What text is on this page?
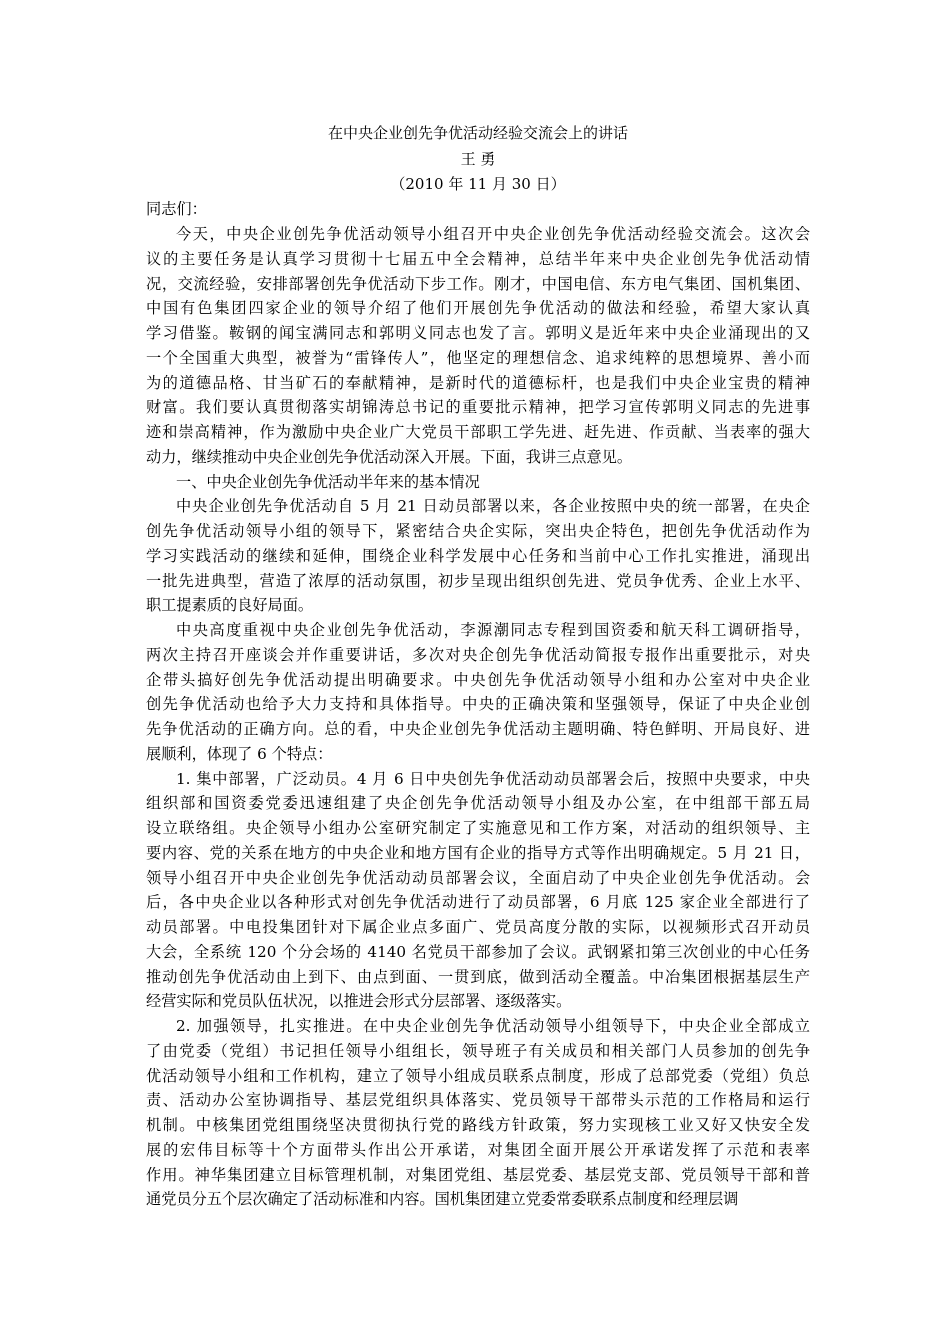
在中央企业创先争优活动经验交流会上的讲话
王 勇
（2010 年 11 月 30 日）
同志们：
今天，中央企业创先争优活动领导小组召开中央企业创先争优活动经验交流会。这次会
议的主要任务是认真学习贯彻十七届五中全会精神，总结半年来中央企业创先争优活动情
况，交流经验，安排部署创先争优活动下步工作。刚才，中国电信、东方电气集团、国机集团、
中国有色集团四家企业的领导介绍了他们开展创先争优活动的做法和经验，希望大家认真
学习借鉴。鞍钢的闻宝满同志和郭明义同志也发了言。郭明义是近年来中央企业涌现出的又
一个全国重大典型，被誉为“雷锋传人”，他坚定的理想信念、追求纯粹的思想境界、善小而
为的道德品格、甘当矿石的奉献精神，是新时代的道德标杆，也是我们中央企业宝贵的精神
财富。我们要认真贯彻落实胡锦涛总书记的重要批示精神，把学习宣传郭明义同志的先进事
迹和崇高精神，作为激励中央企业广大党员干部职工学先进、赶先进、作贡献、当表率的强大
动力，继续推动中央企业创先争优活动深入开展。下面，我讲三点意见。
一、中央企业创先争优活动半年来的基本情况
中央企业创先争优活动自 5 月 21 日动员部署以来，各企业按照中央的统一部署，在央企
创先争优活动领导小组的领导下，紧密结合央企实际，突出央企特色，把创先争优活动作为
学习实践活动的继续和延伸，围绕企业科学发展中心任务和当前中心工作扎实推进，涌现出
一批先进典型，营造了浓厚的活动氛围，初步呈现出组织创先进、党员争优秀、企业上水平、
职工提素质的良好局面。
中央高度重视中央企业创先争优活动，李源潮同志专程到国资委和航天科工调研指导，
两次主持召开座谈会并作重要讲话，多次对央企创先争优活动简报专报作出重要批示，对央
企带头搞好创先争优活动提出明确要求。中央创先争优活动领导小组和办公室对中央企业
创先争优活动也给予大力支持和具体指导。中央的正确决策和坚强领导，保证了中央企业创
先争优活动的正确方向。总的看，中央企业创先争优活动主题明确、特色鲜明、开局良好、进
展顺利，体现了 6 个特点：
1. 集中部署，广泛动员。4 月 6 日中央创先争优活动动员部署会后，按照中央要求，中央
组织部和国资委党委迅速组建了央企创先争优活动领导小组及办公室，在中组部干部五局
设立联络组。央企领导小组办公室研究制定了实施意见和工作方案，对活动的组织领导、主
要内容、党的关系在地方的中央企业和地方国有企业的指导方式等作出明确规定。5 月 21 日，
领导小组召开中央企业创先争优活动动员部署会议，全面启动了中央企业创先争优活动。会
后，各中央企业以各种形式对创先争优活动进行了动员部署，6 月底 125 家企业全部进行了
动员部署。中电投集团针对下属企业点多面广、党员高度分散的实际，以视频形式召开动员
大会，全系统 120 个分会场的 4140 名党员干部参加了会议。武钢紧扣第三次创业的中心任务
推动创先争优活动由上到下、由点到面、一贯到底，做到活动全覆盖。中冶集团根据基层生产
经营实际和党员队伍状况，以推进会形式分层部署、逐级落实。
2. 加强领导，扎实推进。在中央企业创先争优活动领导小组领导下，中央企业全部成立
了由党委（党组）书记担任领导小组组长，领导班子有关成员和相关部门人员参加的创先争
优活动领导小组和工作机构，建立了领导小组成员联系点制度，形成了总部党委（党组）负总
责、活动办公室协调指导、基层党组织具体落实、党员领导干部带头示范的工作格局和运行
机制。中核集团党组围绕坚决贯彻执行党的路线方针政策，努力实现核工业又好又快安全发
展的宏伟目标等十个方面带头作出公开承诺，对集团全面开展公开承诺发挥了示范和表率
作用。神华集团建立目标管理机制，对集团党组、基层党委、基层党支部、党员领导干部和普
通党员分五个层次确定了活动标准和内容。国机集团建立党委常委联系点制度和经理层调
